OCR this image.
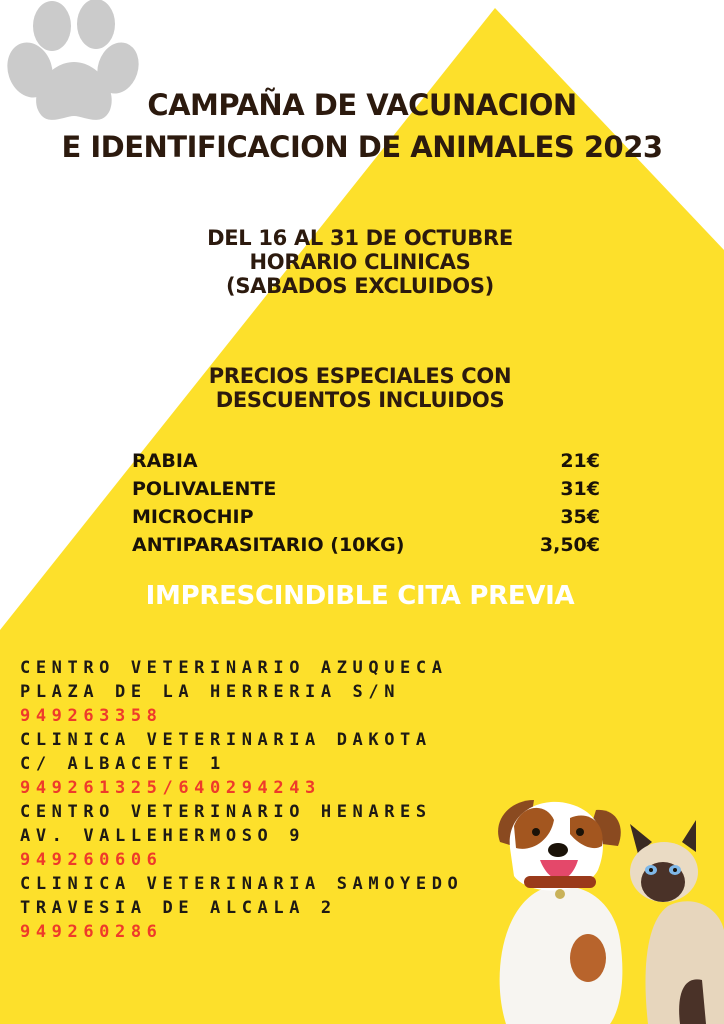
CAMPAÑA DE VACUNACION
E IDENTIFICACION DE ANIMALES 2023
DEL 16 AL 31 DE OCTUBRE
HORARIO CLINICAS
(SABADOS EXCLUIDOS)
PRECIOS ESPECIALES CON
DESCUENTOS INCLUIDOS
RABIA	21€
POLIVALENTE	31€
MICROCHIP	35€
ANTIPARASITARIO (10KG)	3,50€
IMPRESCINDIBLE CITA PREVIA
CENTRO VETERINARIO AZUQUECA
PLAZA DE LA HERRERIA S/N
949263358
CLINICA VETERINARIA DAKOTA
C/ ALBACETE 1
949261325/640294243
CENTRO VETERINARIO HENARES
AV. VALLEHERMOSO 9
949260606
CLINICA VETERINARIA SAMOYEDO
TRAVESIA DE ALCALA 2
949260286
